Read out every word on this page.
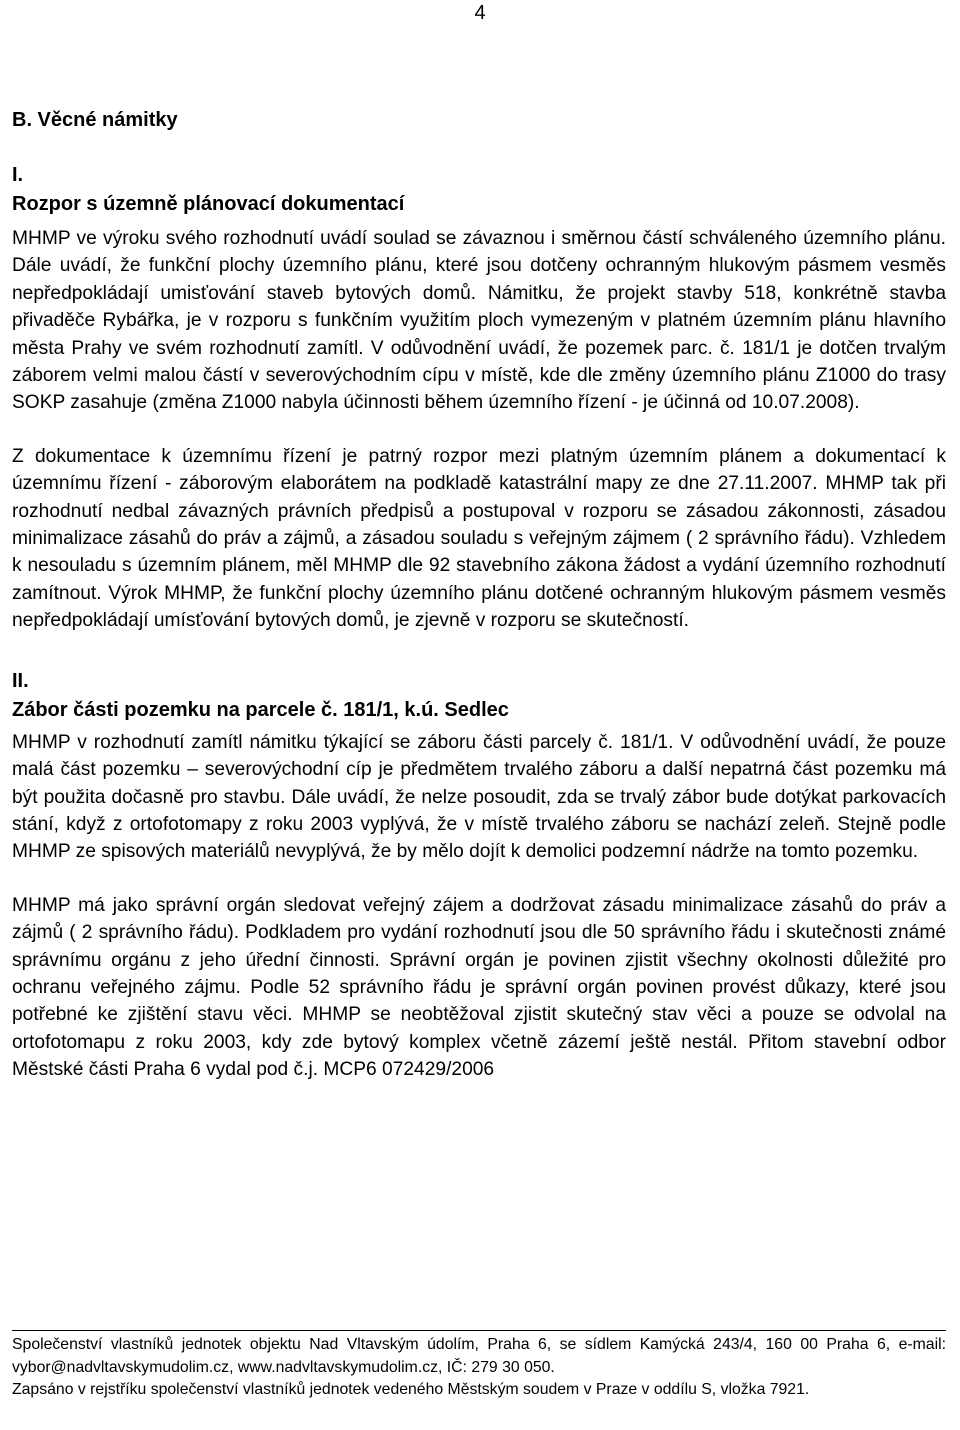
4
B. Věcné námitky
I.
Rozpor s územně plánovací dokumentací

MHMP ve výroku svého rozhodnutí uvádí soulad se závaznou i směrnou částí schváleného územního plánu. Dále uvádí, že funkční plochy územního plánu, které jsou dotčeny ochranným hlukovým pásmem vesměs nepředpokládají umisťování staveb bytových domů. Námitku, že projekt stavby 518, konkrétně stavba přivaděče Rybářka, je v rozporu s funkčním využitím ploch vymezeným v platném územním plánu hlavního města Prahy ve svém rozhodnutí zamítl. V odůvodnění uvádí, že pozemek parc. č. 181/1 je dotčen trvalým záborem velmi malou částí v severovýchodním cípu v místě, kde dle změny územního plánu Z1000 do trasy SOKP zasahuje (změna Z1000 nabyla účinnosti během územního řízení - je účinná od 10.07.2008).

Z dokumentace k územnímu řízení je patrný rozpor mezi platným územním plánem a dokumentací k územnímu řízení - záborovým elaborátem na podkladě katastrální mapy ze dne 27.11.2007. MHMP tak při rozhodnutí nedbal závazných právních předpisů a postupoval v rozporu se zásadou zákonnosti, zásadou minimalizace zásahů do práv a zájmů, a zásadou souladu s veřejným zájmem ( 2 správního řádu). Vzhledem k nesouladu s územním plánem, měl MHMP dle 92 stavebního zákona žádost a vydání územního rozhodnutí zamítnout. Výrok MHMP, že funkční plochy územního plánu dotčené ochranným hlukovým pásmem vesměs nepředpokládají umísťování bytových domů, je zjevně v rozporu se skutečností.

II.
Zábor části pozemku na parcele č. 181/1, k.ú. Sedlec

MHMP v rozhodnutí zamítl námitku týkající se záboru části parcely č. 181/1. V odůvodnění uvádí, že pouze malá část pozemku – severovýchodní cíp je předmětem trvalého záboru a další nepatrná část pozemku má být použita dočasně pro stavbu. Dále uvádí, že nelze posoudit, zda se trvalý zábor bude dotýkat parkovacích stání, když z ortofotomapy z roku 2003 vyplývá, že v místě trvalého záboru se nachází zeleň. Stejně podle MHMP ze spisových materiálů nevyplývá, že by mělo dojít k demolici podzemní nádrže na tomto pozemku.

MHMP má jako správní orgán sledovat veřejný zájem a dodržovat zásadu minimalizace zásahů do práv a zájmů ( 2 správního řádu). Podkladem pro vydání rozhodnutí jsou dle 50 správního řádu i skutečnosti známé správnímu orgánu z jeho úřední činnosti. Správní orgán je povinen zjistit všechny okolnosti důležité pro ochranu veřejného zájmu. Podle 52 správního řádu je správní orgán povinen provést důkazy, které jsou potřebné ke zjištění stavu věci. MHMP se neobtěžoval zjistit skutečný stav věci a pouze se odvolal na ortofotomapu z roku 2003, kdy zde bytový komplex včetně zázemí ještě nestál. Přitom stavební odbor Městské části Praha 6 vydal pod č.j. MCP6 072429/2006

Společenství vlastníků jednotek objektu Nad Vltavským údolím, Praha 6, se sídlem Kamýcká 243/4, 160 00 Praha 6, e-mail: vybor@nadvltavskymudolim.cz, www.nadvltavskymudolim.cz, IČ: 279 30 050.

Zapsáno v rejstříku společenství vlastníků jednotek vedeného Městským soudem v Praze v oddílu S, vložka 7921.
